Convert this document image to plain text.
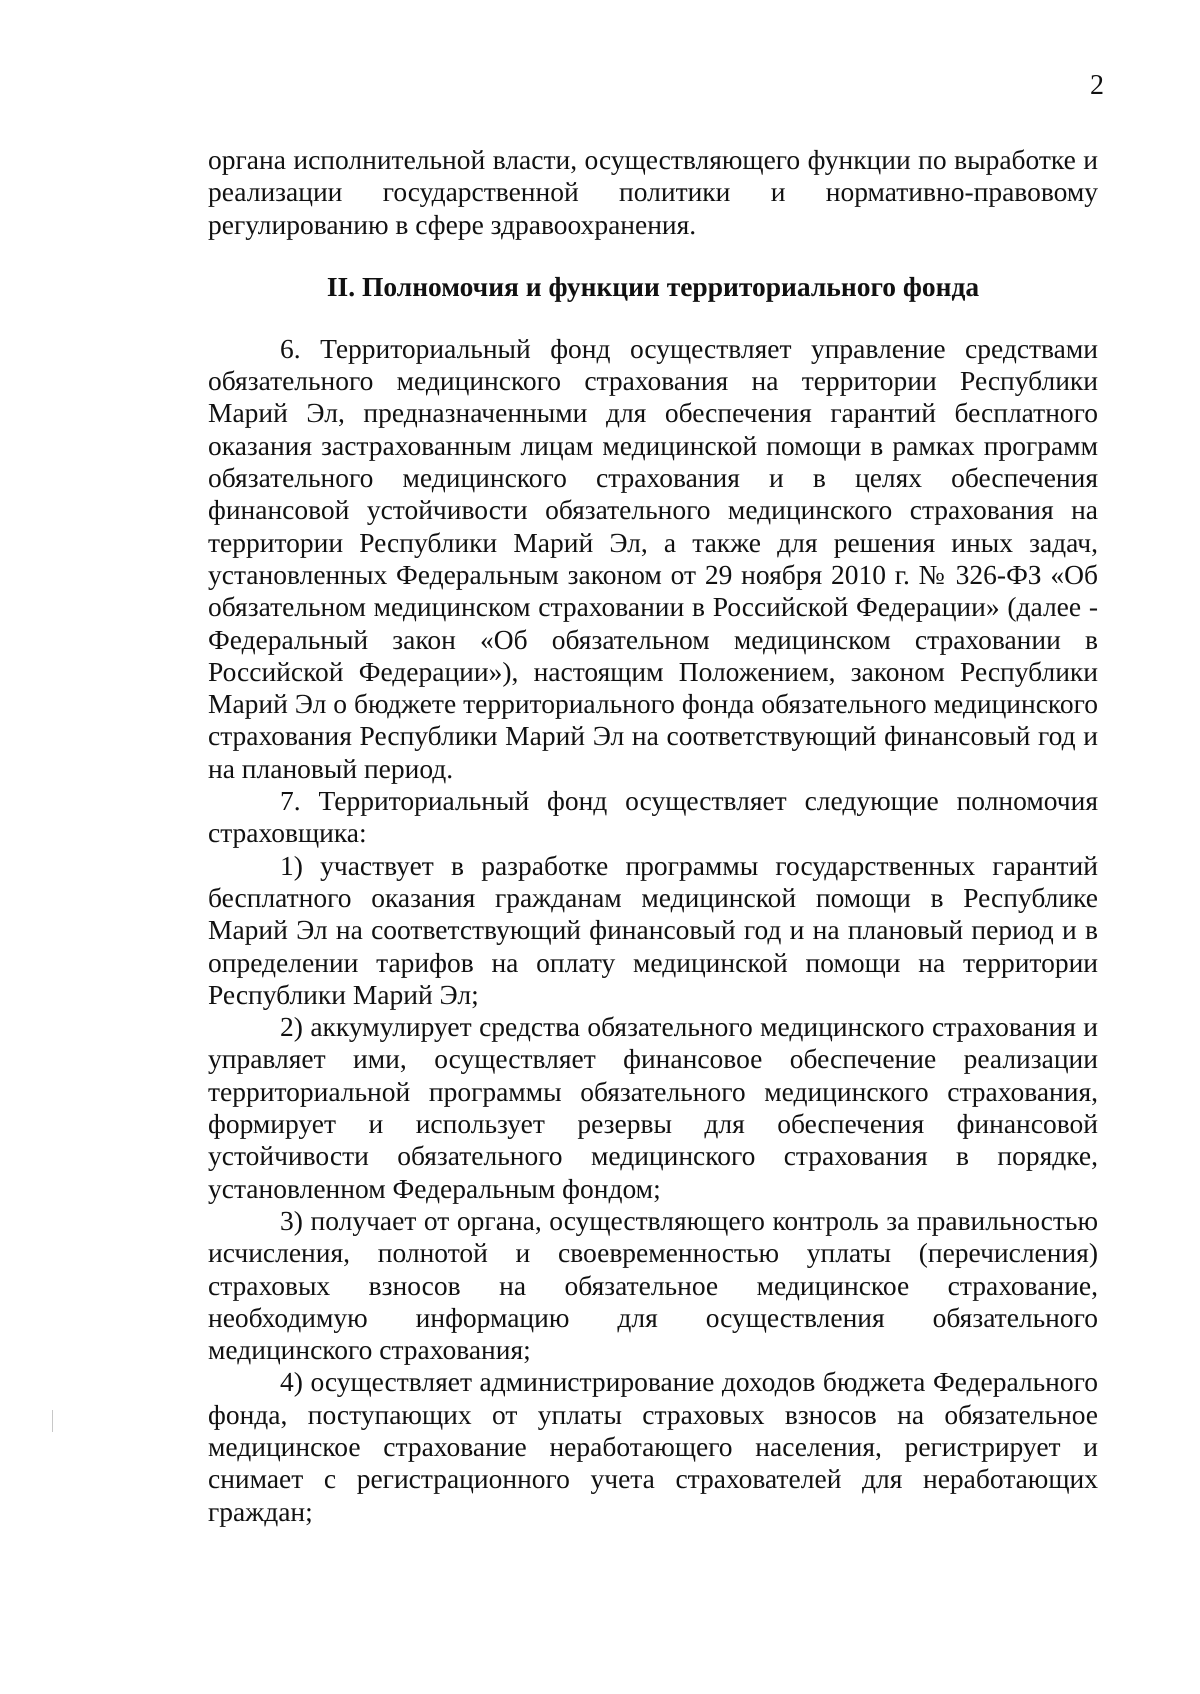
2

органа исполнительной власти, осуществляющего функции по выработке и реализации государственной политики и нормативно-правовому регулированию в сфере здравоохранения.

II. Полномочия и функции территориального фонда

6. Территориальный фонд осуществляет управление средствами обязательного медицинского страхования на территории Республики Марий Эл, предназначенными для обеспечения гарантий бесплатного оказания застрахованным лицам медицинской помощи в рамках программ обязательного медицинского страхования и в целях обеспечения финансовой устойчивости обязательного медицинского страхования на территории Республики Марий Эл, а также для решения иных задач, установленных Федеральным законом от 29 ноября 2010 г. № 326-ФЗ «Об обязательном медицинском страховании в Российской Федерации» (далее - Федеральный закон «Об обязательном медицинском страховании в Российской Федерации»), настоящим Положением, законом Республики Марий Эл о бюджете территориального фонда обязательного медицинского страхования Республики Марий Эл на соответствующий финансовый год и на плановый период.

7. Территориальный фонд осуществляет следующие полномочия страховщика:

1) участвует в разработке программы государственных гарантий бесплатного оказания гражданам медицинской помощи в Республике Марий Эл на соответствующий финансовый год и на плановый период и в определении тарифов на оплату медицинской помощи на территории Республики Марий Эл;

2) аккумулирует средства обязательного медицинского страхования и управляет ими, осуществляет финансовое обеспечение реализации территориальной программы обязательного медицинского страхования, формирует и использует резервы для обеспечения финансовой устойчивости обязательного медицинского страхования в порядке, установленном Федеральным фондом;

3) получает от органа, осуществляющего контроль за правильностью исчисления, полнотой и своевременностью уплаты (перечисления) страховых взносов на обязательное медицинское страхование, необходимую информацию для осуществления обязательного медицинского страхования;

4) осуществляет администрирование доходов бюджета Федерального фонда, поступающих от уплаты страховых взносов на обязательное медицинское страхование неработающего населения, регистрирует и снимает с регистрационного учета страхователей для неработающих граждан;
